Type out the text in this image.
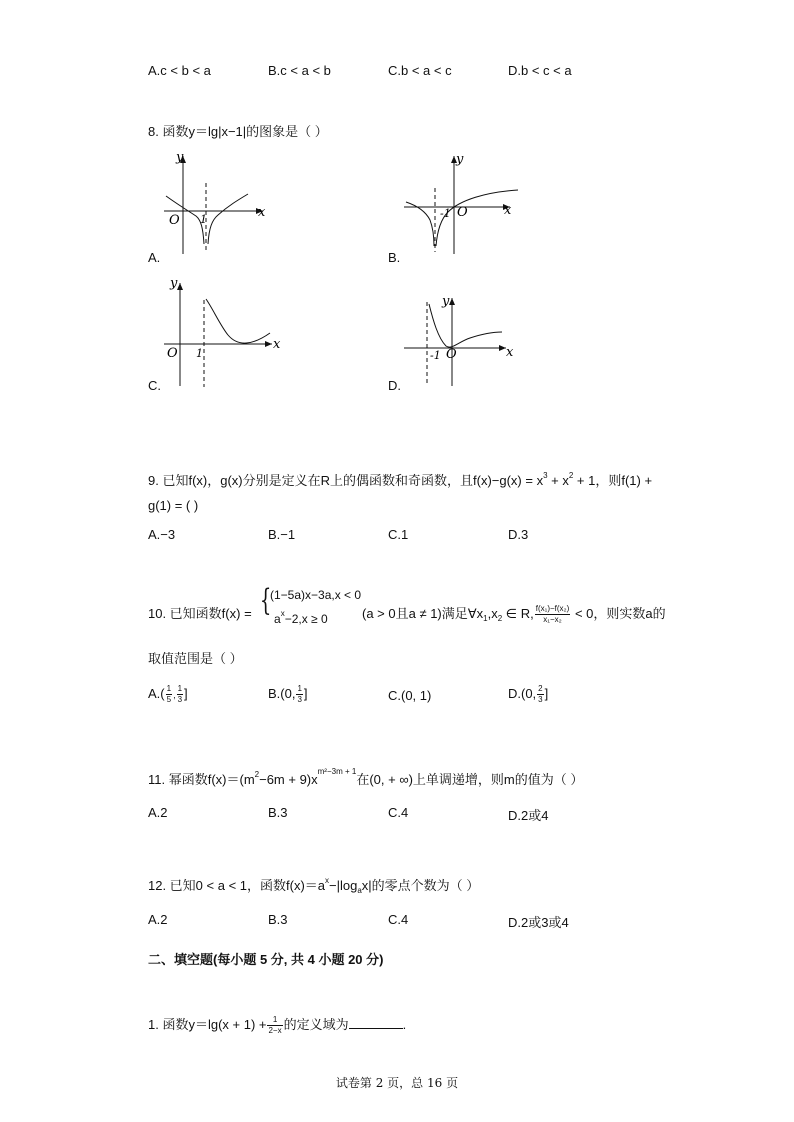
A.c < b < a	B.c < a < b	C.b < a < c	D.b < c < a
8. 函数y＝lg|x−1|的图象是（ ）
y
x
O 1
A.
y
x
O
-1
B.
y
x
O 1
C.
y
x
O
-1
D.
9. 已知f(x)，g(x)分别是定义在R上的偶函数和奇函数，且$f(x)-g(x) = x^3 + x^2 + 1$，则f(1) +
g(1) = ( )
A.−3	B.−1	C.1	D.3
10. 已知函数f(x) = {
(1−5a)x−3a,x < 0
$a^x-2,x \ge 0$	(a > 0且a ≠ 1)满足$\forall x_1,x_2$ ∈ R, $\frac{\text{f(x₁)−f(x₂)}}{\text{x₁−x₂}} < 0$，则实数a的
取值范围是（ ）
$A.( \frac{1}{5}$ , $\frac{1}{3}$ ]	B.(0, $\frac{1}{3}$ ]	C.(0, 1)	D.(0, $\frac{2}{3}$ ]
11. 幂函数$f(x)=(m^2-6m + 9)x^{m^2-3m + 1}$在(0, + ∞)上单调递增，则m的值为（ ）
A.2	B.3	C.4	D.2或4
12. 已知0 < a < 1，函数$f(x)=a^x-|\log_ax|$的零点个数为（ ）
A.2	B.3	C.4	D.2或3或4
二、填空题(每小题 5 分, 共 4 小题 20 分)
1. 函数$y=\lg(x + 1) + \frac{1}{2-x}$ 的定义域为	.
试卷第 2 页，总 16 页
